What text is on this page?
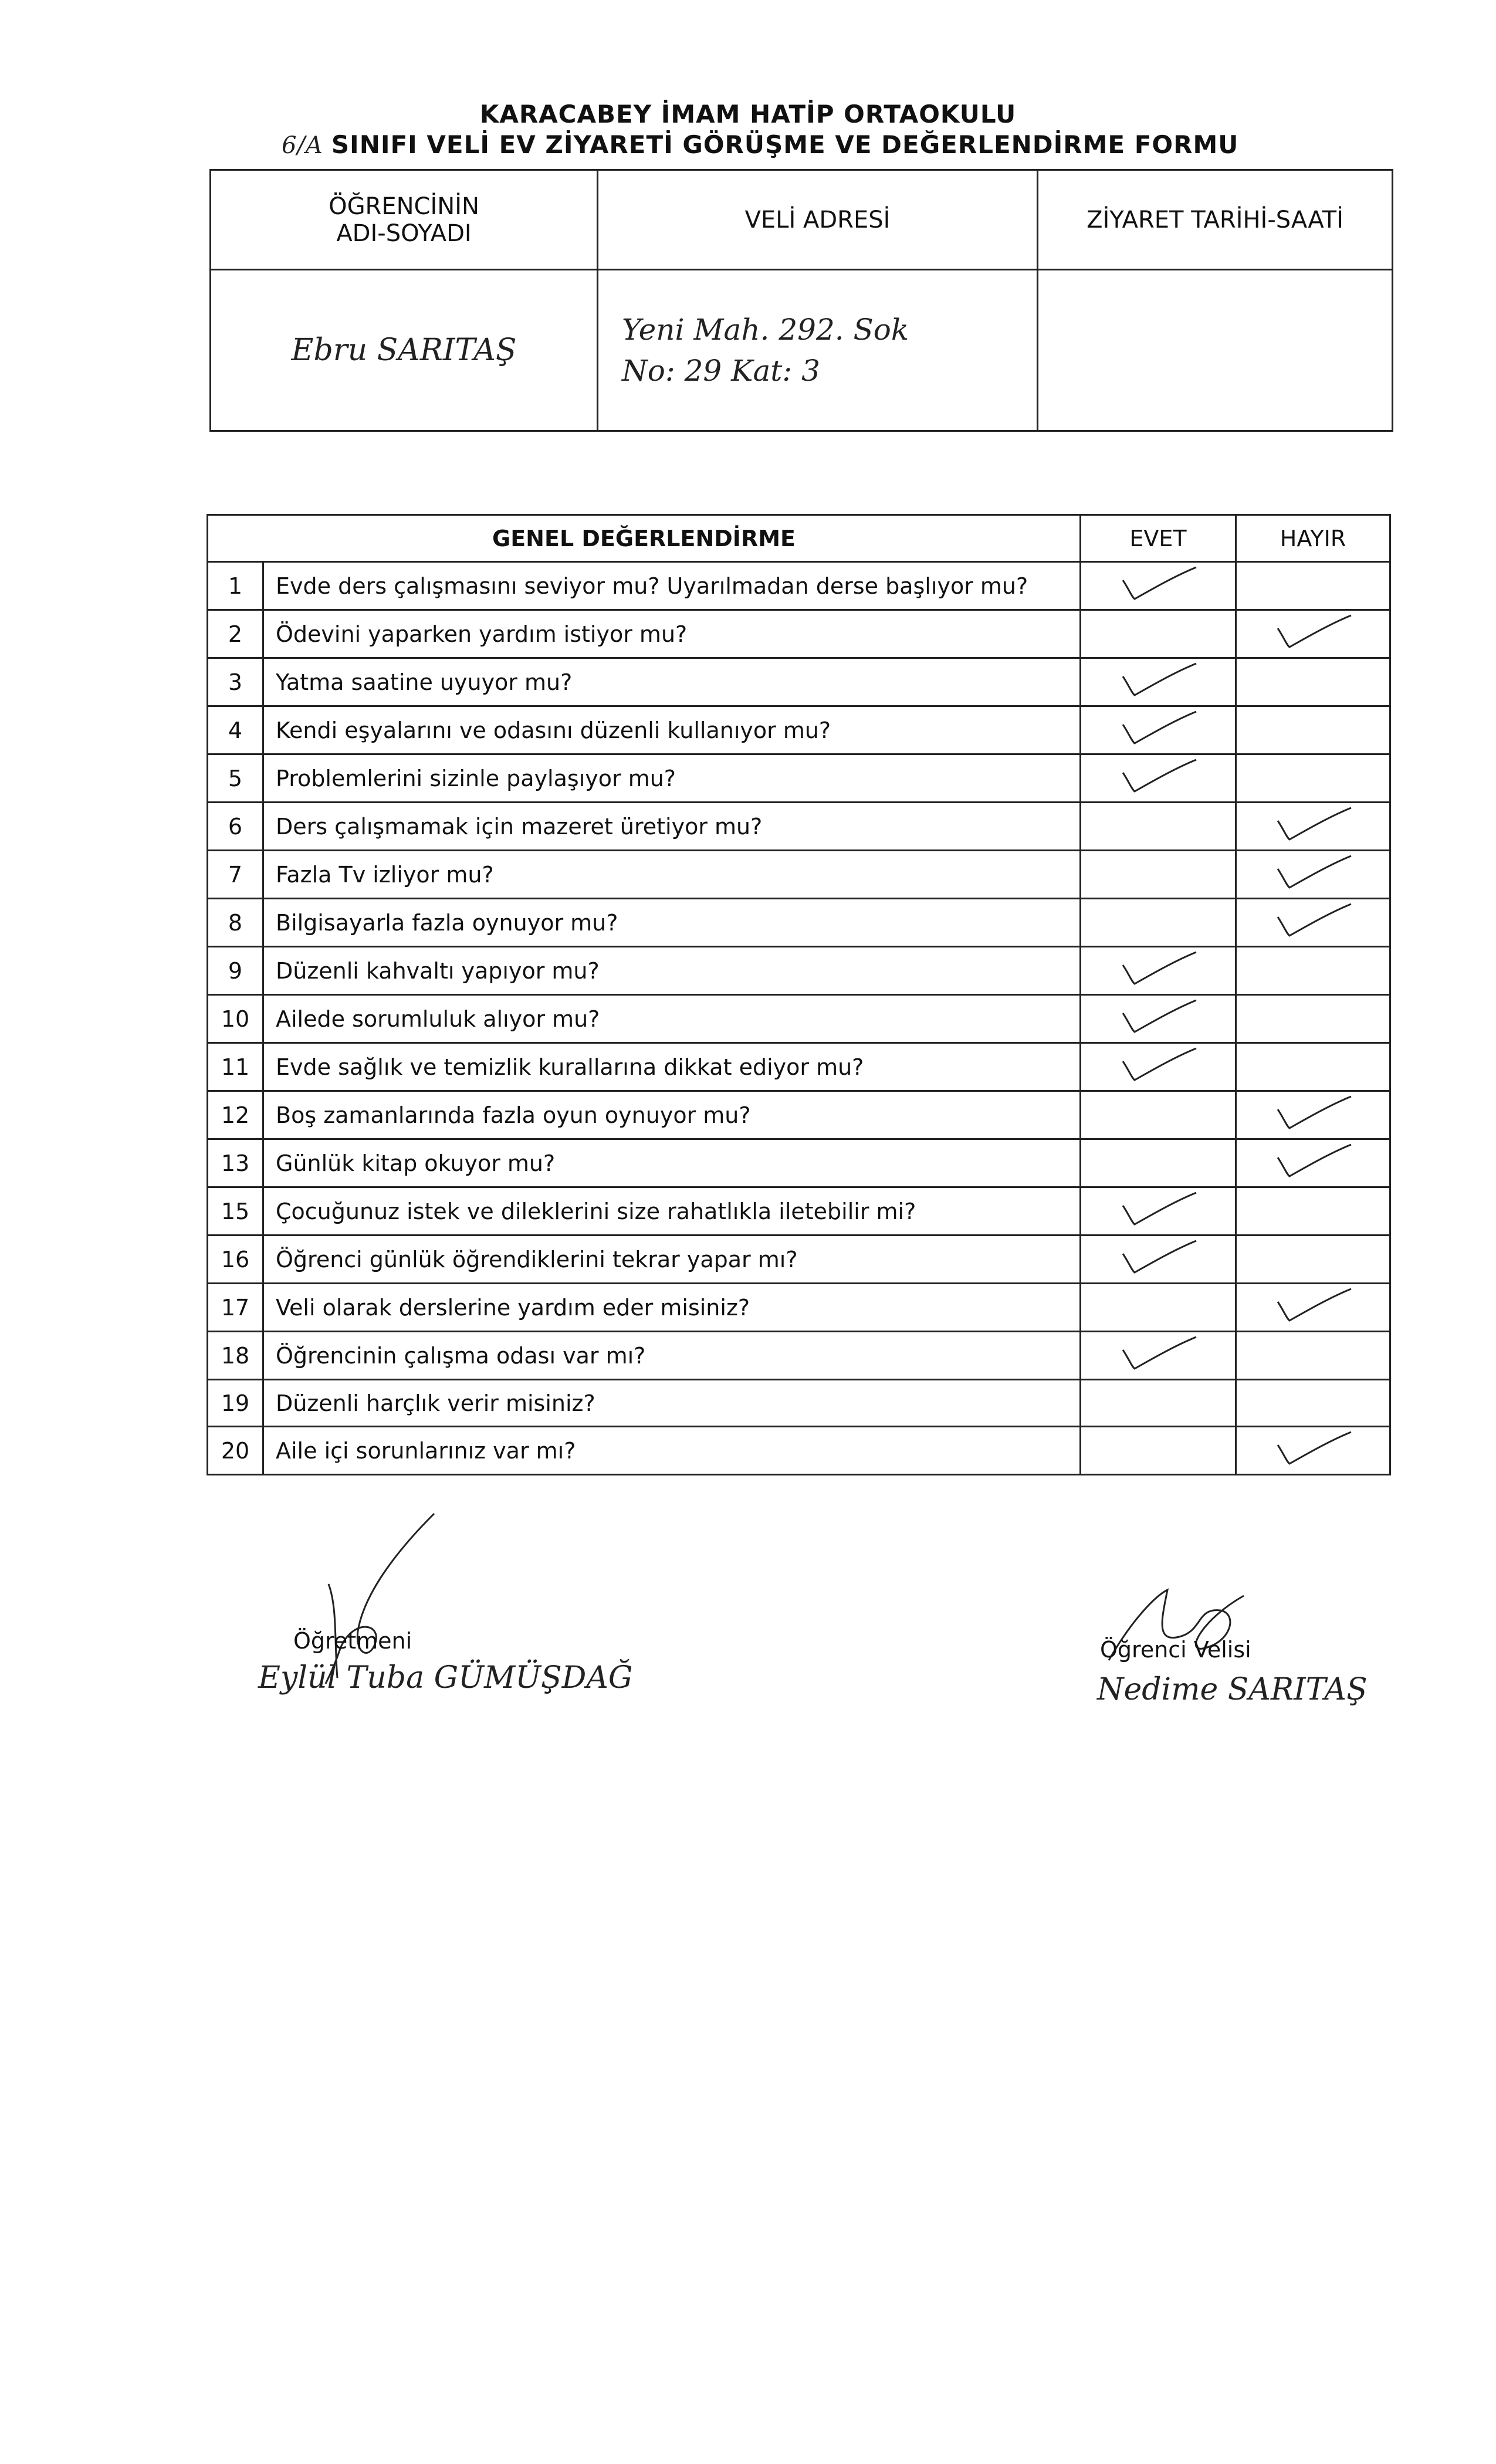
KARACABEY İMAM HATİP ORTAOKULU
6/A SINIFI VELİ EV ZİYARETİ GÖRÜŞME VE DEĞERLENDİRME FORMU
ÖĞRENCİNİN
ADI-SOYADI	VELİ ADRESİ	ZİYARET TARİHİ-SAATİ
Ebru SARITAŞ	Yeni Mah. 292. Sok
No: 29 Kat: 3	

GENEL DEĞERLENDİRME		EVET	HAYIR
1	Evde ders çalışmasını seviyor mu? Uyarılmadan derse başlıyor mu?		
2	Ödevini yaparken yardım istiyor mu?		
3	Yatma saatine uyuyor mu?		
4	Kendi eşyalarını ve odasını düzenli kullanıyor mu?		
5	Problemlerini sizinle paylaşıyor mu?		
6	Ders çalışmamak için mazeret üretiyor mu?		
7	Fazla Tv izliyor mu?		
8	Bilgisayarla fazla oynuyor mu?		
9	Düzenli kahvaltı yapıyor mu?		
10	Ailede sorumluluk alıyor mu?		
11	Evde sağlık ve temizlik kurallarına dikkat ediyor mu?		
12	Boş zamanlarında fazla oyun oynuyor mu?		
13	Günlük kitap okuyor mu?		
15	Çocuğunuz istek ve dileklerini size rahatlıkla iletebilir mi?		
16	Öğrenci günlük öğrendiklerini tekrar yapar mı?		
17	Veli olarak derslerine yardım eder misiniz?		
18	Öğrencinin çalışma odası var mı?		
19	Düzenli harçlık verir misiniz?		
20	Aile içi sorunlarınız var mı?		
Öğretmeni
Eylül Tuba GÜMÜŞDAĞ
Öğrenci Velisi
Nedime SARITAŞ
